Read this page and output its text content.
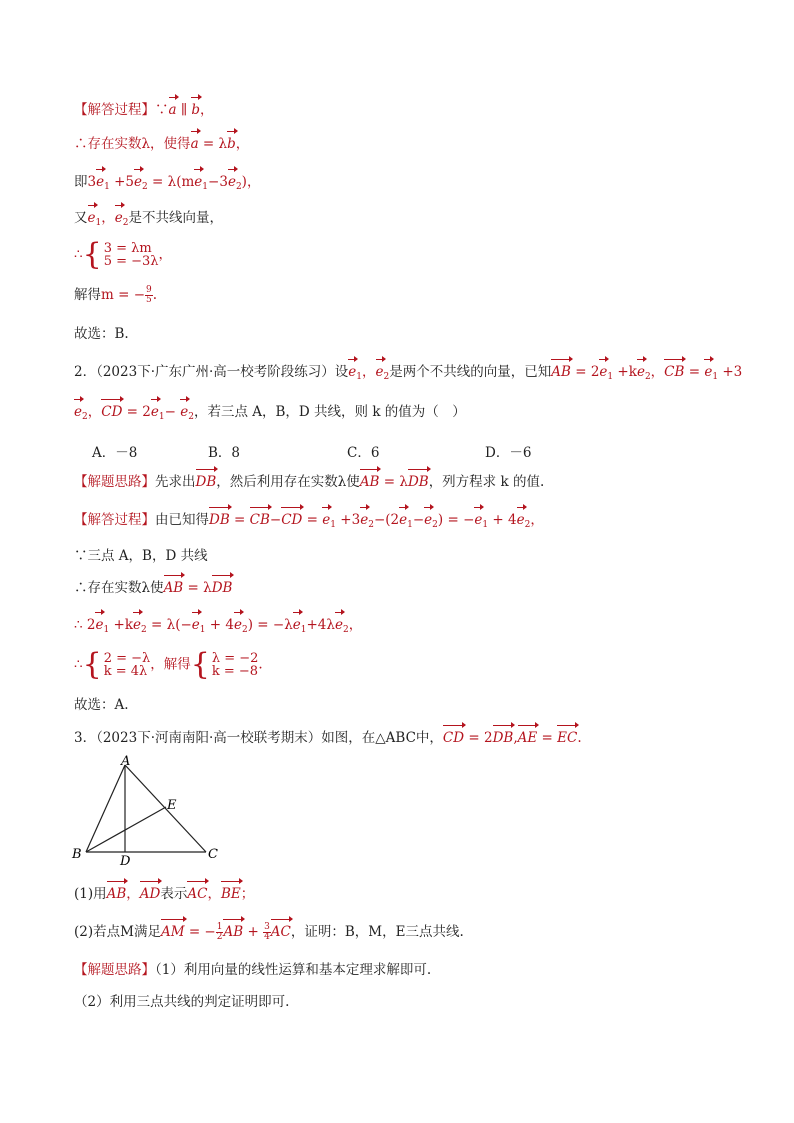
【解答过程】∵a ∥ b，
∴存在实数λ，使得a = λb，
即$3e_1 +5e_2 = \lambda(me_1-3e_2)$，
又$e_1$，$e_2$是不共线向量，
∴{ 3 = λm
5 = −3λ，
解得m = − 9
5.
故选：B.
2．（2023下·广东广州·高一校考阶段练习）设$e_1$，$e_2$是两个不共线的向量，已知AB = $2e_1 +ke_2$，CB = $e_1 +3$
$e_2$，CD = $2e_1- e_2$，若三点 A，B，D 共线，则 k 的值为（　）
A．－8	B．8	C．6	D．－6
【解题思路】先求出DB，然后利用存在实数λ使AB = λDB，列方程求 k 的值.
【解答过程】由已知得DB = $CB-CD = e_1 +3e_2-(2e_1-e_2) = -e_1 + 4e_2$，
∵三点 A，B，D 共线
∴存在实数λ使AB = λDB
∴ $2e_1 +ke_2 = \lambda(-e_1 + 4e_2) = -\lambda e_1+4\lambda e_2$，
∴{ 2 = −λ
k = 4λ ，解得{ λ = −2
k = −8.
故选：A.
3．（2023下·河南南阳·高一校联考期末）如图，在△ABC中，CD = 2DB,AE = EC.
A
B	C
D
E
(1)用AB，AD表示AC，BE；
(2)若点M满足AM = − 1
2AB + 3
4AC，证明：B，M，E三点共线.
【解题思路】（1）利用向量的线性运算和基本定理求解即可.
（2）利用三点共线的判定证明即可.
